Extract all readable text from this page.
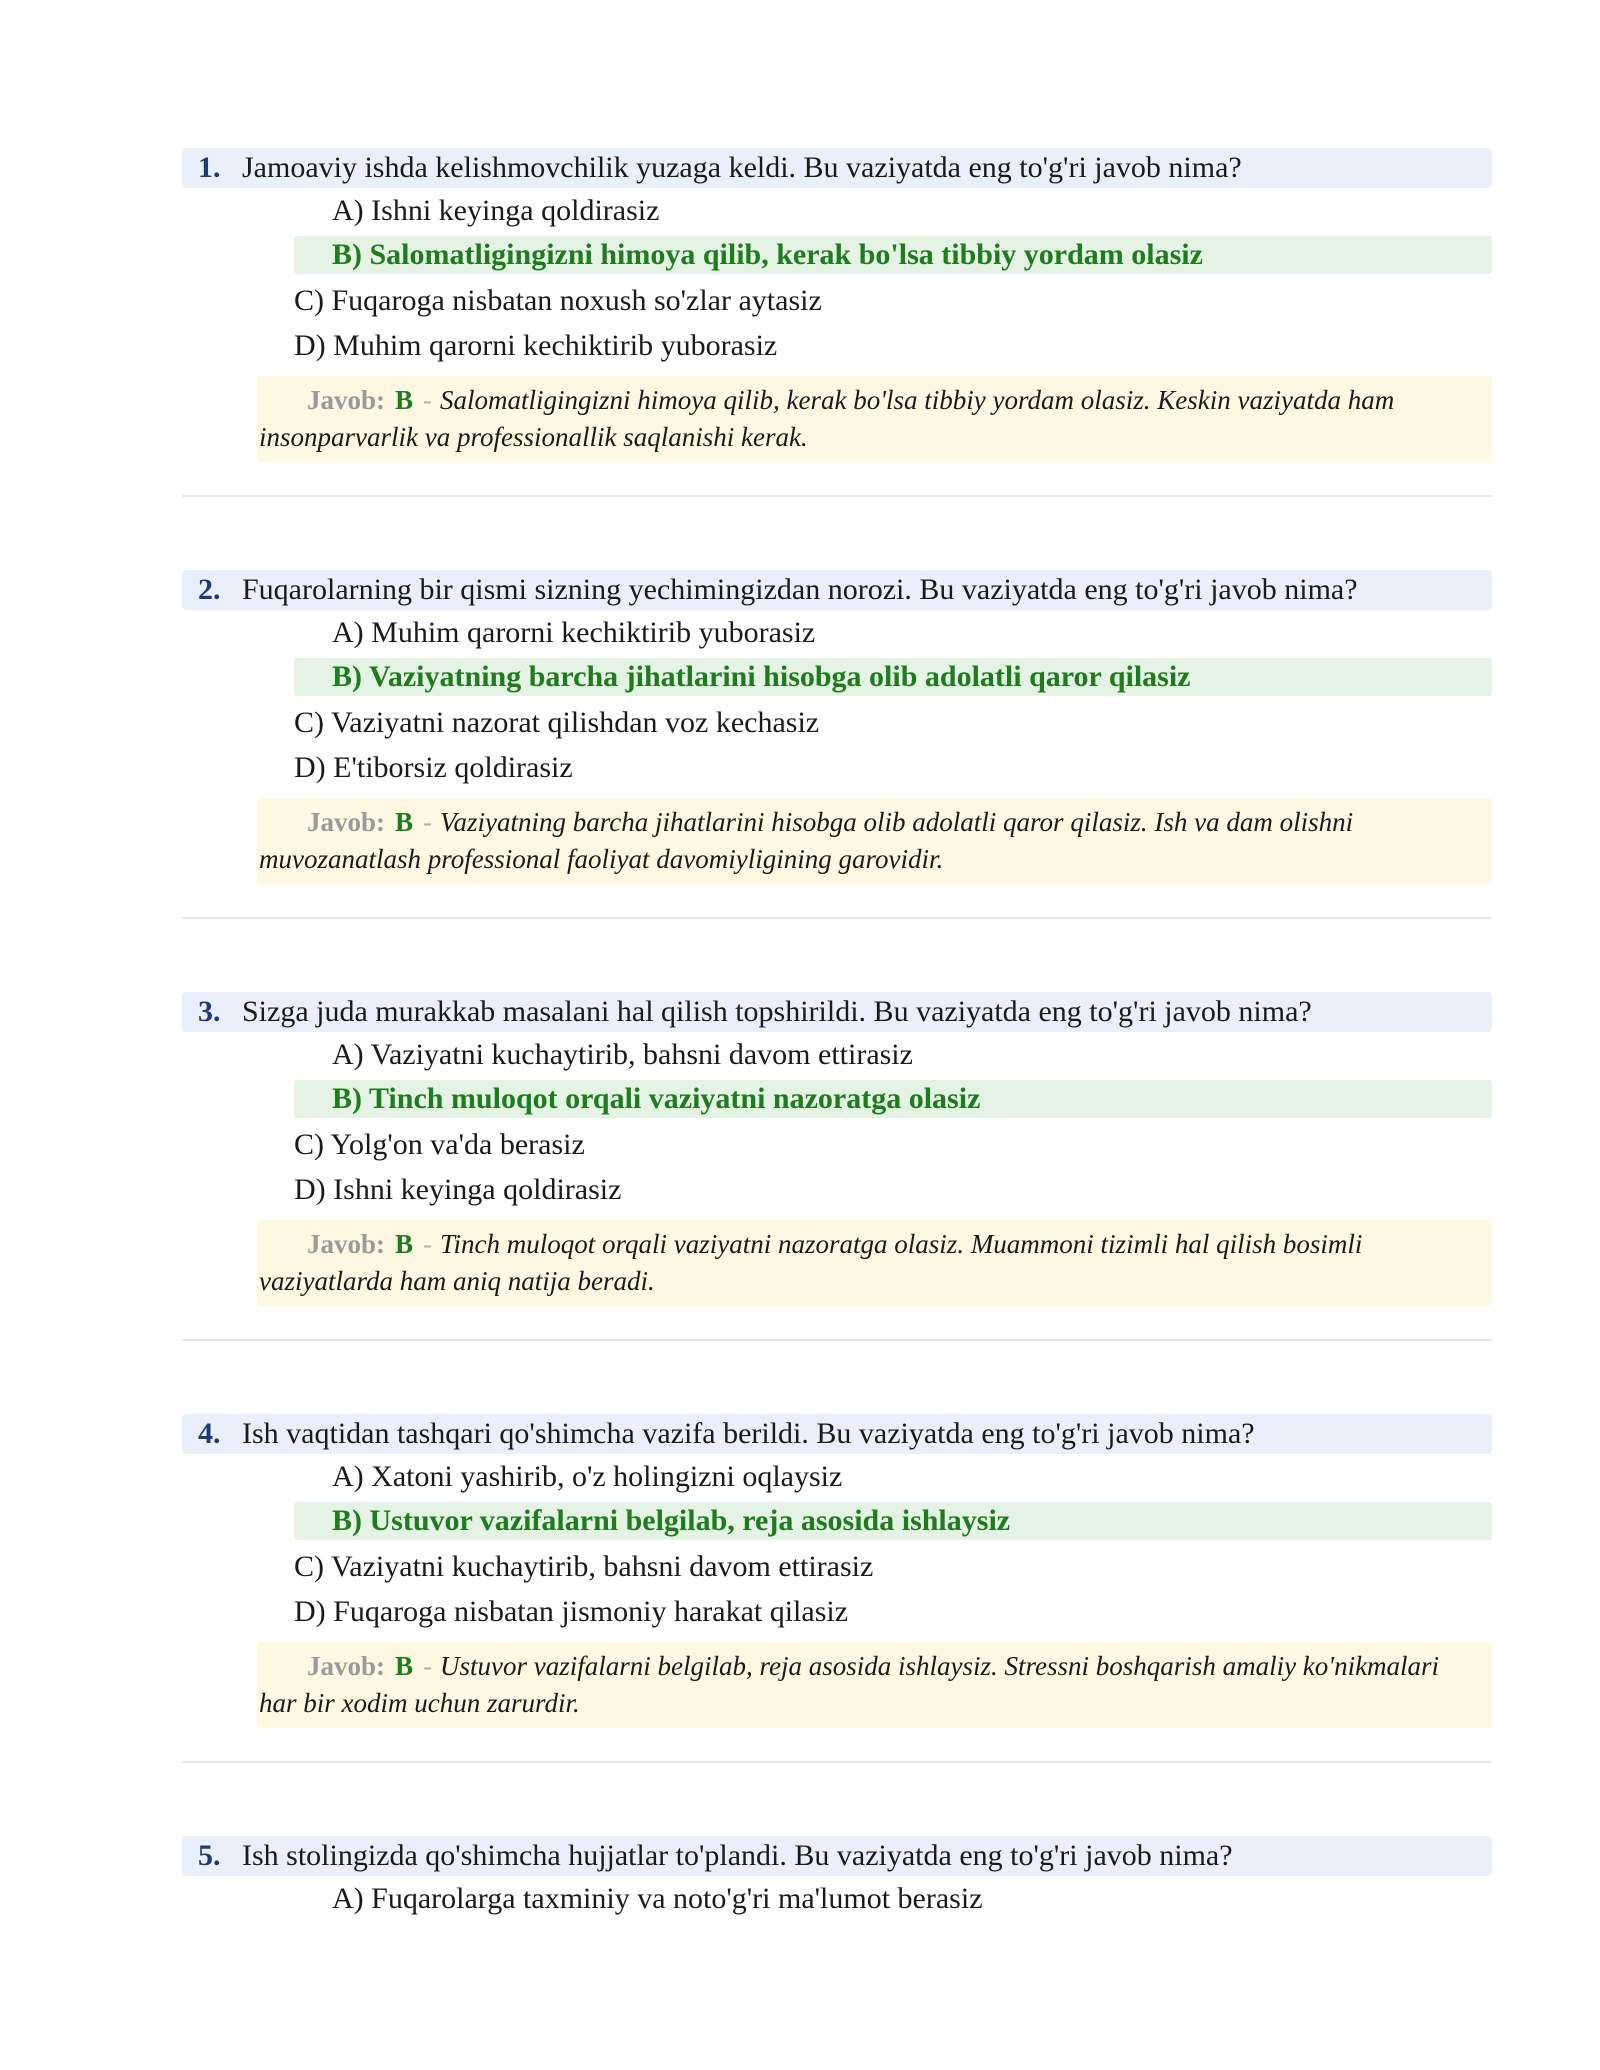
1. Jamoaviy ishda kelishmovchilik yuzaga keldi. Bu vaziyatda eng to'g'ri javob nima?
A) Ishni keyinga qoldirasiz
B) Salomatligingizni himoya qilib, kerak bo'lsa tibbiy yordam olasiz
C) Fuqaroga nisbatan noxush so'zlar aytasiz
D) Muhim qarorni kechiktirib yuborasiz
Javob: B - Salomatligingizni himoya qilib, kerak bo'lsa tibbiy yordam olasiz. Keskin vaziyatda ham insonparvarlik va professionallik saqlanishi kerak.
2. Fuqarolarning bir qismi sizning yechimingizdan norozi. Bu vaziyatda eng to'g'ri javob nima?
A) Muhim qarorni kechiktirib yuborasiz
B) Vaziyatning barcha jihatlarini hisobga olib adolatli qaror qilasiz
C) Vaziyatni nazorat qilishdan voz kechasiz
D) E'tiborsiz qoldirasiz
Javob: B - Vaziyatning barcha jihatlarini hisobga olib adolatli qaror qilasiz. Ish va dam olishni muvozanatlash professional faoliyat davomiyligining garovidir.
3. Sizga juda murakkab masalani hal qilish topshirildi. Bu vaziyatda eng to'g'ri javob nima?
A) Vaziyatni kuchaytirib, bahsni davom ettirasiz
B) Tinch muloqot orqali vaziyatni nazoratga olasiz
C) Yolg'on va'da berasiz
D) Ishni keyinga qoldirasiz
Javob: B - Tinch muloqot orqali vaziyatni nazoratga olasiz. Muammoni tizimli hal qilish bosimli vaziyatlarda ham aniq natija beradi.
4. Ish vaqtidan tashqari qo'shimcha vazifa berildi. Bu vaziyatda eng to'g'ri javob nima?
A) Xatoni yashirib, o'z holingizni oqlaysiz
B) Ustuvor vazifalarni belgilab, reja asosida ishlaysiz
C) Vaziyatni kuchaytirib, bahsni davom ettirasiz
D) Fuqaroga nisbatan jismoniy harakat qilasiz
Javob: B - Ustuvor vazifalarni belgilab, reja asosida ishlaysiz. Stressni boshqarish amaliy ko'nikmalari har bir xodim uchun zarurdir.
5. Ish stolingizda qo'shimcha hujjatlar to'plandi. Bu vaziyatda eng to'g'ri javob nima?
A) Fuqarolarga taxminiy va noto'g'ri ma'lumot berasiz
